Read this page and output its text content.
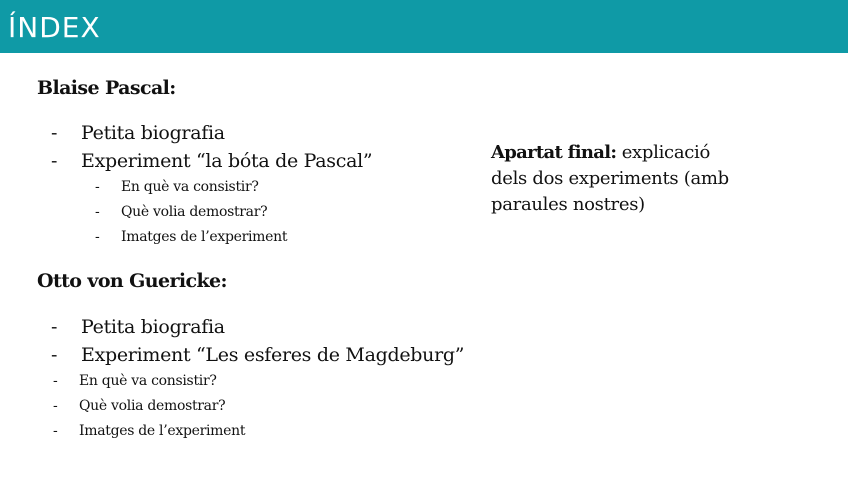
ÍNDEX
Blaise Pascal:
- Petita biografia
- Experiment “la bóta de Pascal”
- En què va consistir?
- Què volia demostrar?
- Imatges de l’experiment
Otto von Guericke:
- Petita biografia
- Experiment “Les esferes de Magdeburg”
- En què va consistir?
- Què volia demostrar?
- Imatges de l’experiment
Apartat final: explicació dels dos experiments (amb paraules nostres)
